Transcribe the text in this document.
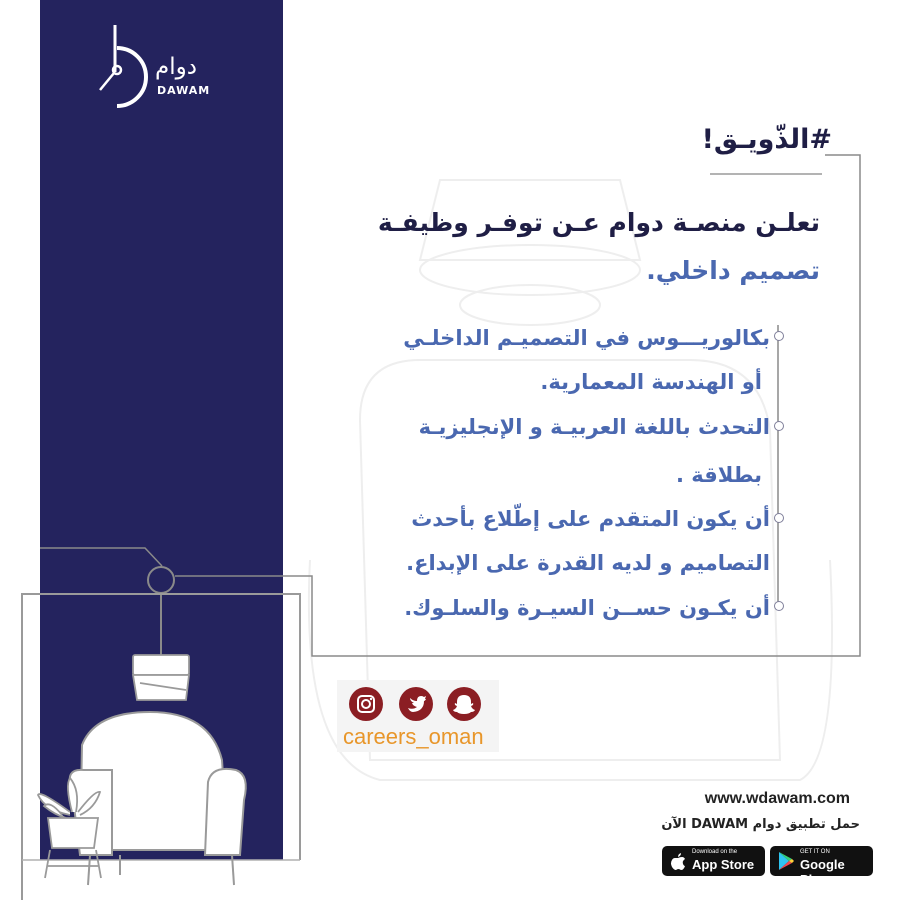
دوام
DAWAM
#الذّويـق!
تعلـن منصـة دوام عـن توفـر وظيفـة
تصميم داخلي.
بكالوريـــوس في التصميـم الداخلـي
أو الهندسة المعمارية.
التحدث باللغة العربيـة و الإنجليزيـة
بطلاقة .
أن يكون المتقدم على إطّلاع بأحدث
التصاميم و لديه القدرة على الإبداع.
أن يكـون حســن السيـرة والسلـوك.
careers_oman
www.wdawam.com
حمل تطبيق دوام DAWAM الآن
Download on the
App Store
GET IT ON
Google Play
